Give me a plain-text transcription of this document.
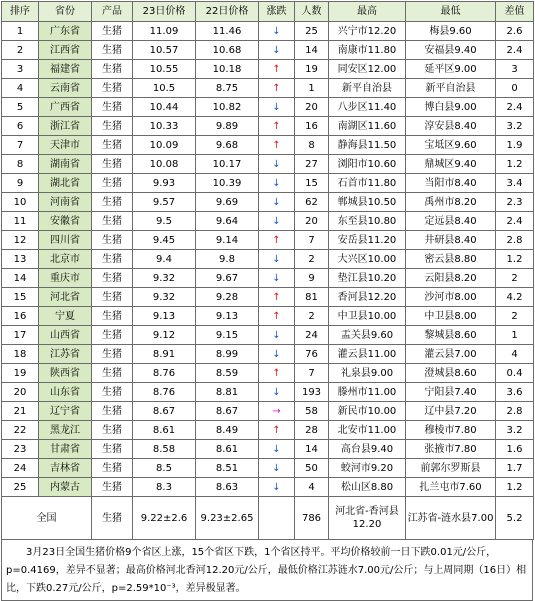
排序	省份	产品	23日价格	22日价格	涨跌	人数	最高	最低	差值
1	广东省	生猪	11.09	11.46	↓	25	兴宁市12.20	梅县9.60	2.6
2	江西省	生猪	10.57	10.68	↓	14	南康市11.80	安福县9.40	2.4
3	福建省	生猪	10.55	10.18	↑	19	同安区12.00	延平区9.00	3
4	云南省	生猪	10.5	8.75	↑	1	新平自治县	新平自治县	0
5	广西省	生猪	10.44	10.82	↓	20	八步区11.40	博白县9.00	2.4
6	浙江省	生猪	10.33	9.89	↑	16	南湖区11.60	淳安县8.40	3.2
7	天津市	生猪	10.09	9.68	↑	8	静海县11.50	宝坻区9.60	1.9
8	湖南省	生猪	10.08	10.17	↓	27	浏阳市10.60	鼎城区9.40	1.2
9	湖北省	生猪	9.93	10.39	↓	15	石首市11.80	当阳市8.40	3.4
10	河南省	生猪	9.57	9.69	↓	62	郸城县10.50	禹州市8.20	2.3
11	安徽省	生猪	9.5	9.64	↓	20	东至县10.80	定远县8.40	2.4
12	四川省	生猪	9.45	9.14	↑	7	安岳县11.20	井研县8.40	2.8
13	北京市	生猪	9.4	9.8	↓	2	大兴区10.00	密云县8.80	1.2
14	重庆市	生猪	9.32	9.67	↓	9	垫江县10.20	云阳县8.20	2
15	河北省	生猪	9.32	9.28	↑	81	香河县12.20	沙河市8.00	4.2
16	宁夏	生猪	9.13	9.13	↑	2	中卫县10.00	中卫县8.00	2
17	山西省	生猪	9.12	9.15	↓	24	盂关县9.60	黎城县8.60	1
18	江苏省	生猪	8.91	8.99	↓	76	灌云县11.00	灌云县7.00	4
19	陕西省	生猪	8.76	8.59	↑	7	礼泉县9.00	澄城县8.60	0.4
20	山东省	生猪	8.76	8.81	↓	193	滕州市11.00	宁阳县7.40	3.6
21	辽宁省	生猪	8.67	8.67	→	58	新民市10.00	辽中县7.20	2.8
22	黑龙江	生猪	8.61	8.49	↑	28	北安市11.00	穆棱市7.80	3.2
23	甘肃省	生猪	8.58	8.61	↓	14	高台县9.40	张掖市7.80	1.6
24	吉林省	生猪	8.5	8.51	↓	50	蛟河市9.20	前郭尔罗斯县	1.7
25	内蒙古	生猪	8.3	8.63	↓	4	松山区8.80	扎兰屯市7.60	1.2
全国		生猪	9.22±2.6	9.23±2.65		786	河北省-香河县12.20	江苏省-涟水县7.00	5.2
3月23日全国生猪价格9个省区上涨，15个省区下跌，1个省区持平。平均价格较前一日下跌0.01元/公斤，p=0.4169，差异不显著；最高价格河北香河12.20元/公斤，最低价格江苏涟水7.00元/公斤；与上周同期（16日）相比，下跌0.27元/公斤，p=2.59*10⁻³，差异极显著。
